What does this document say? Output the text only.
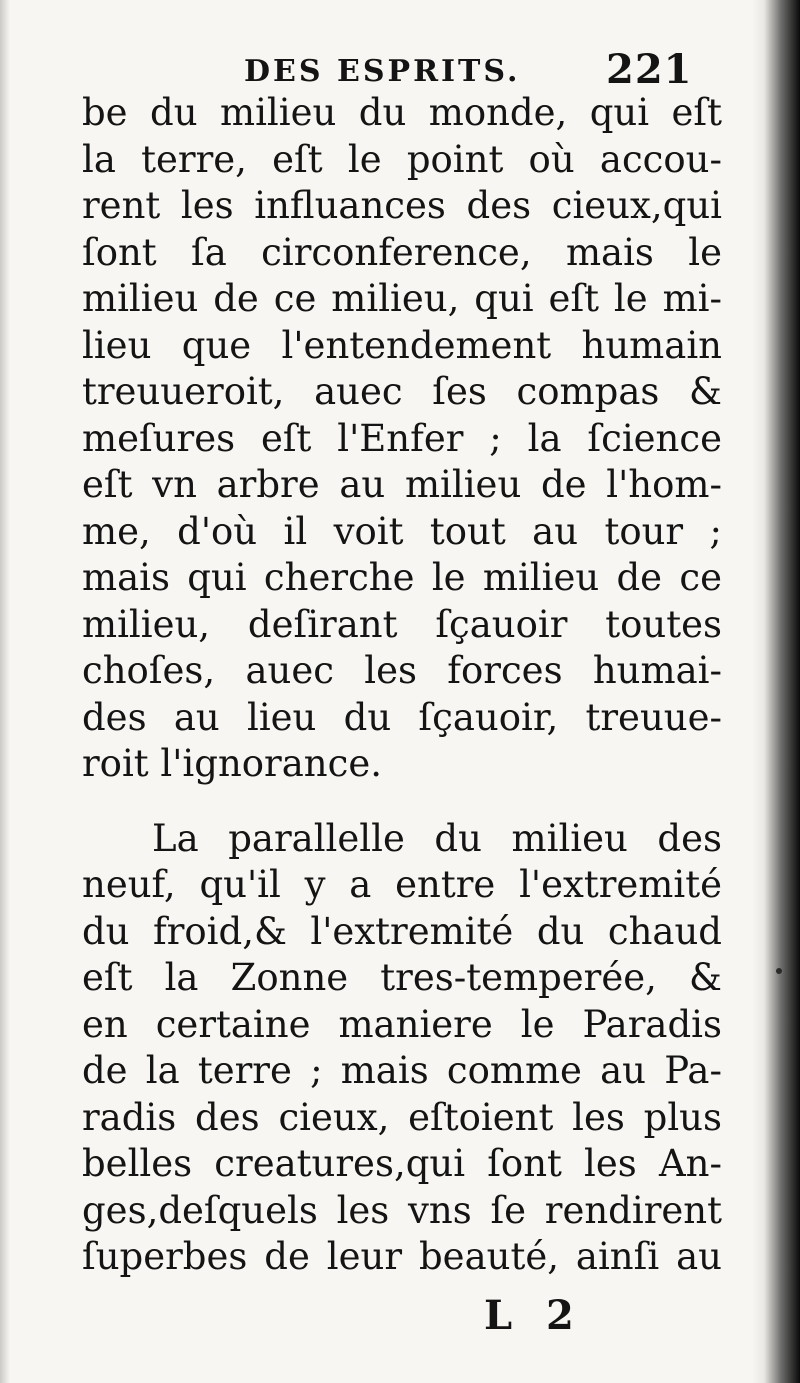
DES ESPRITS. 221
be du milieu du monde, qui eſt
la terre, eſt le point où accou-
rent les influances des cieux,qui
ſont ſa circonference, mais le
milieu de ce milieu, qui eſt le mi-
lieu que l'entendement humain
treuueroit, auec ſes compas &
meſures eſt l'Enfer ; la ſcience
eſt vn arbre au milieu de l'hom-
me, d'où il voit tout au tour ;
mais qui cherche le milieu de ce
milieu, deſirant ſçauoir toutes
choſes, auec les forces humai-
des au lieu du ſçauoir, treuue-
roit l'ignorance.
La parallelle du milieu des
neuf, qu'il y a entre l'extremité
du froid,& l'extremité du chaud
eſt la Zonne tres-temperée, &
en certaine maniere le Paradis
de la terre ; mais comme au Pa-
radis des cieux, eſtoient les plus
belles creatures,qui ſont les An-
ges,deſquels les vns ſe rendirent
ſuperbes de leur beauté, ainſi au
L 2
